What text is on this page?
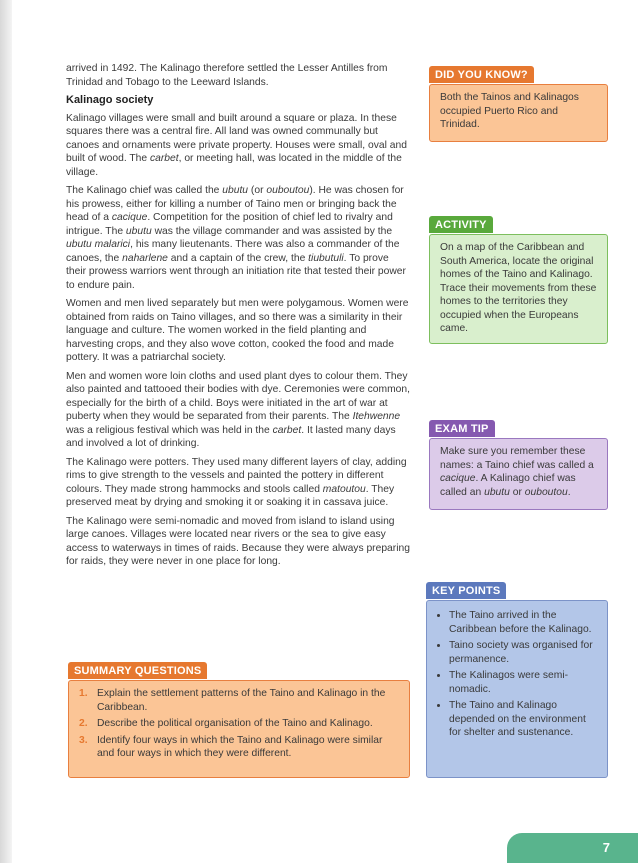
arrived in 1492. The Kalinago therefore settled the Lesser Antilles from Trinidad and Tobago to the Leeward Islands.

Kalinago society

Kalinago villages were small and built around a square or plaza. In these squares there was a central fire. All land was owned communally but canoes and ornaments were private property. Houses were small, oval and built of wood. The carbet, or meeting hall, was located in the middle of the village.

The Kalinago chief was called the ubutu (or ouboutou). He was chosen for his prowess, either for killing a number of Taino men or bringing back the head of a cacique. Competition for the position of chief led to rivalry and intrigue. The ubutu was the village commander and was assisted by the ubutu malarici, his many lieutenants. There was also a commander of the canoes, the naharlene and a captain of the crew, the tiubutuli. To prove their prowess warriors went through an initiation rite that tested their power to endure pain.

Women and men lived separately but men were polygamous. Women were obtained from raids on Taino villages, and so there was a similarity in their language and culture. The women worked in the field planting and harvesting crops, and they also wove cotton, cooked the food and made pottery. It was a patriarchal society.

Men and women wore loin cloths and used plant dyes to colour them. They also painted and tattooed their bodies with dye. Ceremonies were common, especially for the birth of a child. Boys were initiated in the art of war at puberty when they would be separated from their parents. The Itehwenne was a religious festival which was held in the carbet. It lasted many days and involved a lot of drinking.

The Kalinago were potters. They used many different layers of clay, adding rims to give strength to the vessels and painted the pottery in different colours. They made strong hammocks and stools called matoutou. They preserved meat by drying and smoking it or soaking it in cassava juice.

The Kalinago were semi-nomadic and moved from island to island using large canoes. Villages were located near rivers or the sea to give easy access to waterways in times of raids. Because they were always preparing for raids, they were never in one place for long.

DID YOU KNOW?
Both the Tainos and Kalinagos occupied Puerto Rico and Trinidad.
ACTIVITY
On a map of the Caribbean and South America, locate the original homes of the Taino and Kalinago. Trace their movements from these homes to the territories they occupied when the Europeans came.
EXAM TIP
Make sure you remember these names: a Taino chief was called a cacique. A Kalinago chief was called an ubutu or ouboutou.
KEY POINTS
• The Taino arrived in the Caribbean before the Kalinago.
• Taino society was organised for permanence.
• The Kalinagos were semi-nomadic.
• The Taino and Kalinago depended on the environment for shelter and sustenance.
SUMMARY QUESTIONS
1. Explain the settlement patterns of the Taino and Kalinago in the Caribbean.
2. Describe the political organisation of the Taino and Kalinago.
3. Identify four ways in which the Taino and Kalinago were similar and four ways in which they were different.
7
